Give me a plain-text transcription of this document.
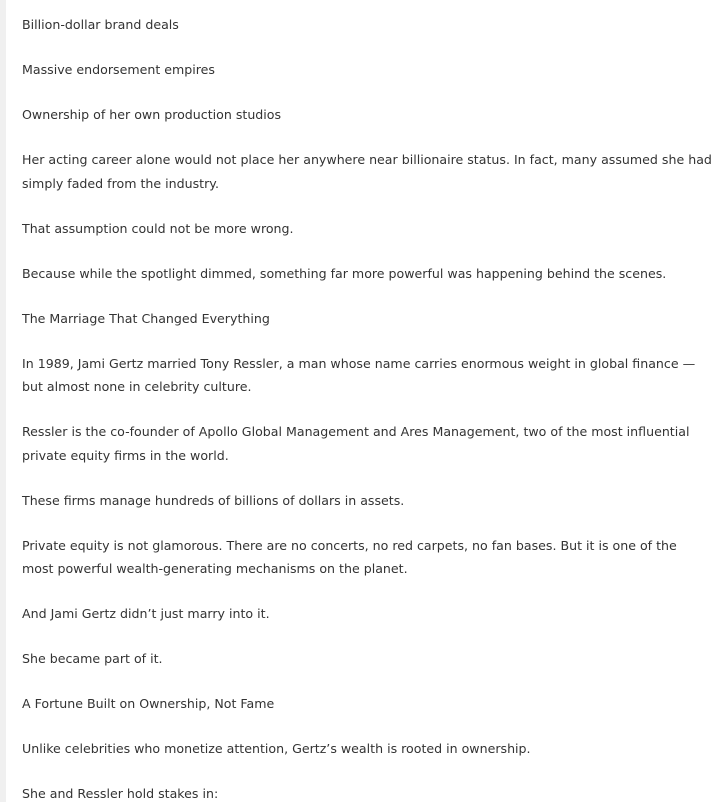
Billion-dollar brand deals

Massive endorsement empires

Ownership of her own production studios

Her acting career alone would not place her anywhere near billionaire status. In fact, many assumed she had simply faded from the industry.

That assumption could not be more wrong.

Because while the spotlight dimmed, something far more powerful was happening behind the scenes.

The Marriage That Changed Everything

In 1989, Jami Gertz married Tony Ressler, a man whose name carries enormous weight in global finance — but almost none in celebrity culture.

Ressler is the co-founder of Apollo Global Management and Ares Management, two of the most influential private equity firms in the world.

These firms manage hundreds of billions of dollars in assets.

Private equity is not glamorous. There are no concerts, no red carpets, no fan bases. But it is one of the most powerful wealth-generating mechanisms on the planet.

And Jami Gertz didn’t just marry into it.

She became part of it.

A Fortune Built on Ownership, Not Fame

Unlike celebrities who monetize attention, Gertz’s wealth is rooted in ownership.

She and Ressler hold stakes in:
